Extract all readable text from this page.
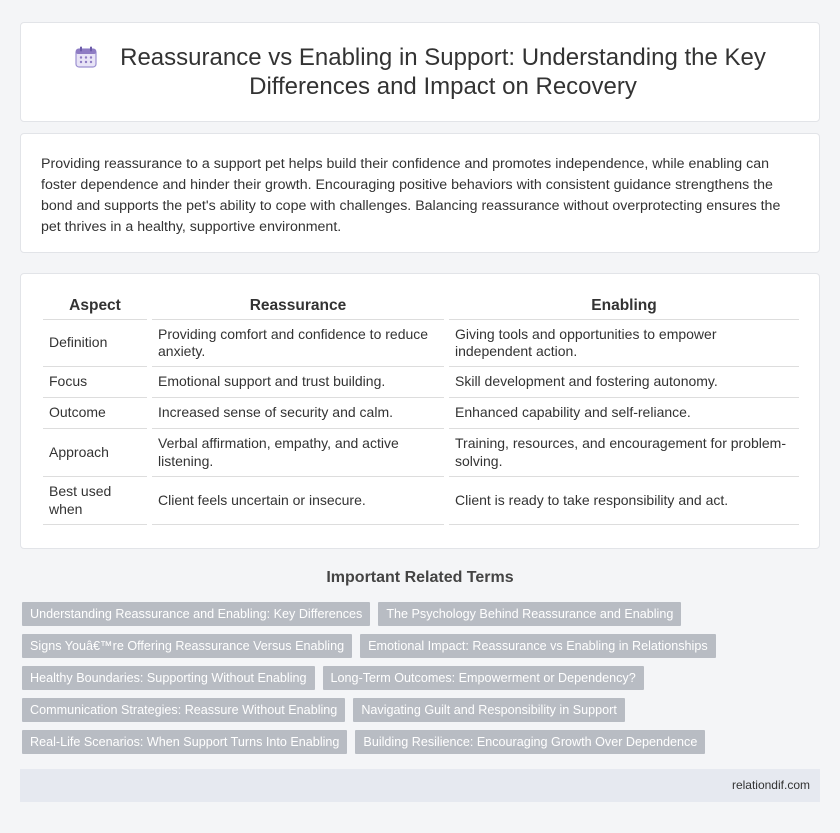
Reassurance vs Enabling in Support: Understanding the Key
Differences and Impact on Recovery

Providing reassurance to a support pet helps build their confidence and promotes independence, while enabling can foster dependence and hinder their growth. Encouraging positive behaviors with consistent guidance strengthens the bond and supports the pet's ability to cope with challenges. Balancing reassurance without overprotecting ensures the pet thrives in a healthy, supportive environment.

Aspect		Reassurance		Enabling
Definition		Providing comfort and confidence to reduce anxiety.		Giving tools and opportunities to empower independent action.
Focus		Emotional support and trust building.		Skill development and fostering autonomy.
Outcome		Increased sense of security and calm.		Enhanced capability and self-reliance.
Approach		Verbal affirmation, empathy, and active listening.		Training, resources, and encouragement for problem-solving.
Best used when		Client feels uncertain or insecure.		Client is ready to take responsibility and act.
Important Related Terms
Understanding Reassurance and Enabling: Key Differences	The Psychology Behind Reassurance and Enabling
Signs Youâ€™re Offering Reassurance Versus Enabling	Emotional Impact: Reassurance vs Enabling in Relationships
Healthy Boundaries: Supporting Without Enabling	Long-Term Outcomes: Empowerment or Dependency?
Communication Strategies: Reassure Without Enabling	Navigating Guilt and Responsibility in Support
Real-Life Scenarios: When Support Turns Into Enabling	Building Resilience: Encouraging Growth Over Dependence
relationdif.com
